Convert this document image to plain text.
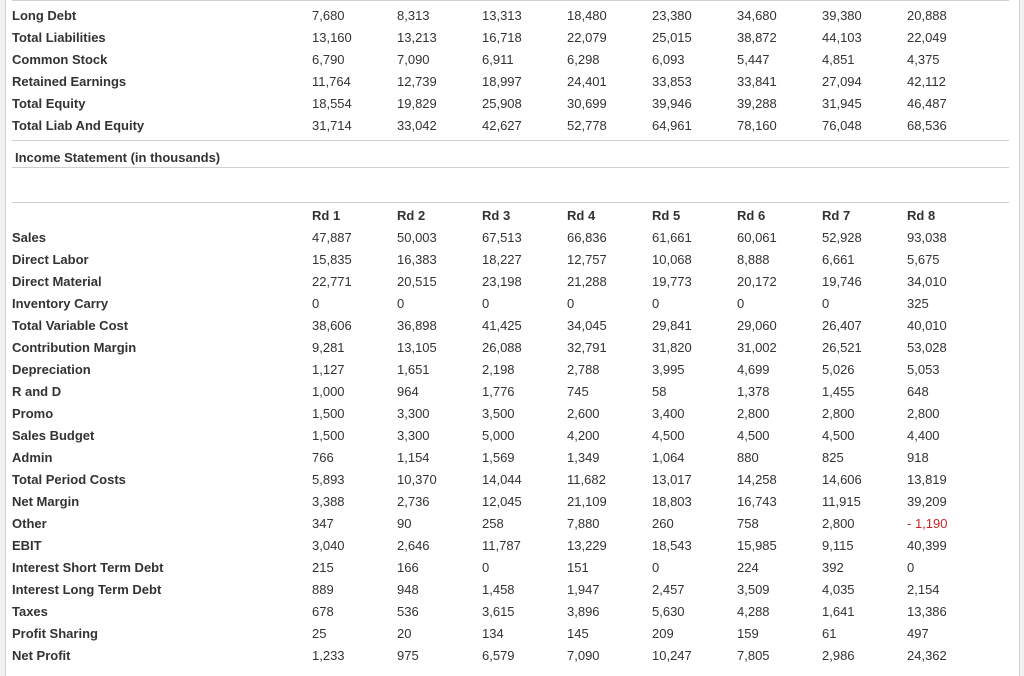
Long Debt	7,680	8,313	13,313	18,480	23,380	34,680	39,380	20,888
Total Liabilities	13,160	13,213	16,718	22,079	25,015	38,872	44,103	22,049
Common Stock	6,790	7,090	6,911	6,298	6,093	5,447	4,851	4,375
Retained Earnings	11,764	12,739	18,997	24,401	33,853	33,841	27,094	42,112
Total Equity	18,554	19,829	25,908	30,699	39,946	39,288	31,945	46,487
Total Liab And Equity	31,714	33,042	42,627	52,778	64,961	78,160	76,048	68,536
Income Statement (in thousands)
	Rd 1	Rd 2	Rd 3	Rd 4	Rd 5	Rd 6	Rd 7	Rd 8
Sales	47,887	50,003	67,513	66,836	61,661	60,061	52,928	93,038
Direct Labor	15,835	16,383	18,227	12,757	10,068	8,888	6,661	5,675
Direct Material	22,771	20,515	23,198	21,288	19,773	20,172	19,746	34,010
Inventory Carry	0	0	0	0	0	0	0	325
Total Variable Cost	38,606	36,898	41,425	34,045	29,841	29,060	26,407	40,010
Contribution Margin	9,281	13,105	26,088	32,791	31,820	31,002	26,521	53,028
Depreciation	1,127	1,651	2,198	2,788	3,995	4,699	5,026	5,053
R and D	1,000	964	1,776	745	58	1,378	1,455	648
Promo	1,500	3,300	3,500	2,600	3,400	2,800	2,800	2,800
Sales Budget	1,500	3,300	5,000	4,200	4,500	4,500	4,500	4,400
Admin	766	1,154	1,569	1,349	1,064	880	825	918
Total Period Costs	5,893	10,370	14,044	11,682	13,017	14,258	14,606	13,819
Net Margin	3,388	2,736	12,045	21,109	18,803	16,743	11,915	39,209
Other	347	90	258	7,880	260	758	2,800	- 1,190
EBIT	3,040	2,646	11,787	13,229	18,543	15,985	9,115	40,399
Interest Short Term Debt	215	166	0	151	0	224	392	0
Interest Long Term Debt	889	948	1,458	1,947	2,457	3,509	4,035	2,154
Taxes	678	536	3,615	3,896	5,630	4,288	1,641	13,386
Profit Sharing	25	20	134	145	209	159	61	497
Net Profit	1,233	975	6,579	7,090	10,247	7,805	2,986	24,362
